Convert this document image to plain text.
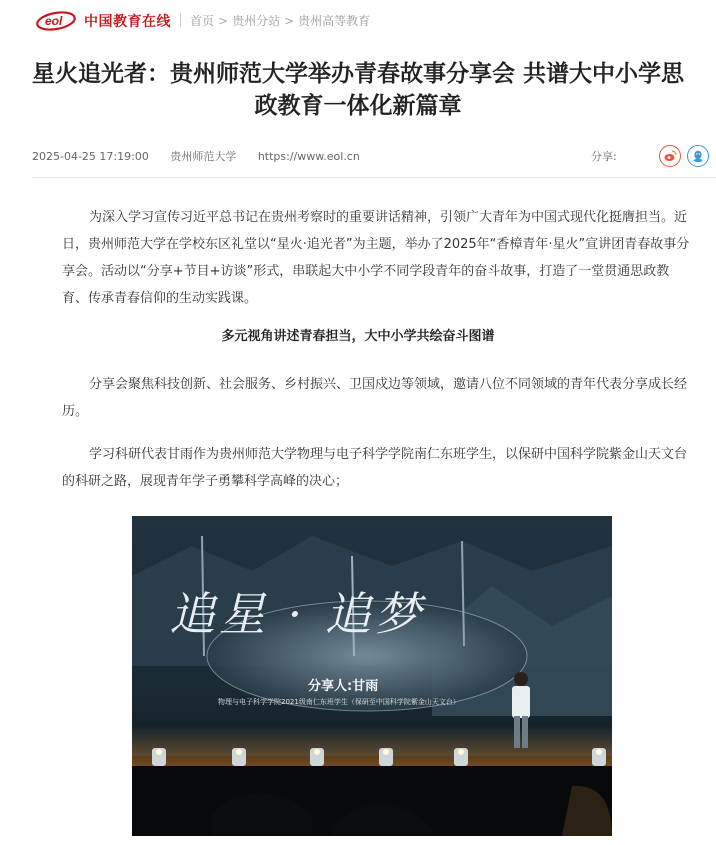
eol 中国教育在线 首页 > 贵州分站 > 贵州高等教育
星火追光者：贵州师范大学举办青春故事分享会 共谱大中小学思政教育一体化新篇章
2025-04-25 17:19:00 贵州师范大学 https://www.eol.cn	分享:

为深入学习宣传习近平总书记在贵州考察时的重要讲话精神，引领广大青年为中国式现代化挺膺担当。近日，贵州师范大学在学校东区礼堂以“星火·追光者”为主题，举办了2025年“香樟青年·星火”宣讲团青春故事分享会。活动以“分享+节目+访谈”形式，串联起大中小学不同学段青年的奋斗故事，打造了一堂贯通思政教育、传承青春信仰的生动实践课。

多元视角讲述青春担当，大中小学共绘奋斗图谱

分享会聚焦科技创新、社会服务、乡村振兴、卫国戍边等领域，邀请八位不同领域的青年代表分享成长经历。

学习科研代表甘雨作为贵州师范大学物理与电子科学学院南仁东班学生，以保研中国科学院紫金山天文台的科研之路，展现青年学子勇攀科学高峰的决心；

追星 · 追梦
分享人:甘雨
物理与电子科学学院2021级南仁东班学生（保研至中国科学院紫金山天文台）
